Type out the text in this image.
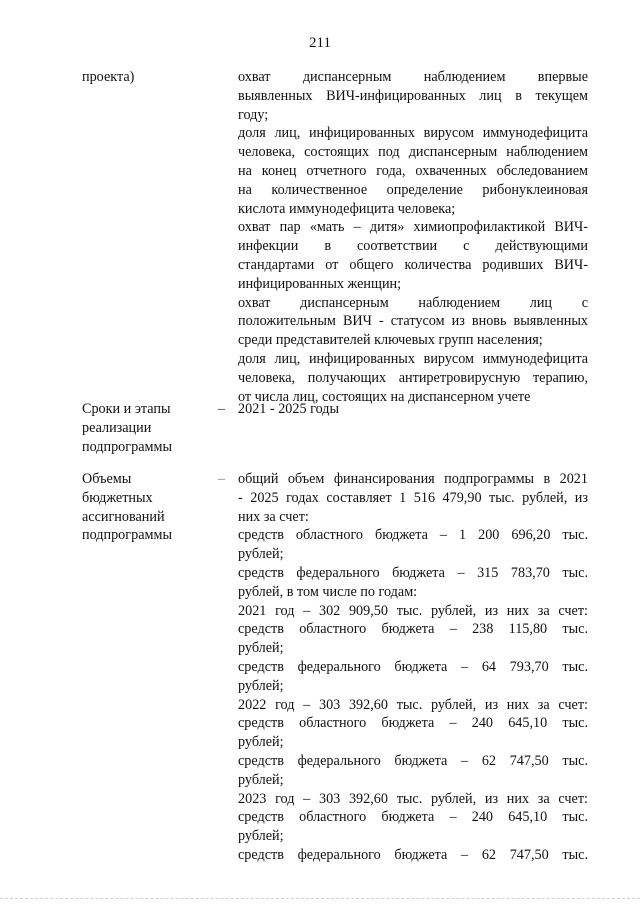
211
проекта)	охват диспансерным наблюдением впервые

выявленных ВИЧ-инфицированных лиц в текущем

году;

доля лиц, инфицированных вирусом иммунодефицита

человека, состоящих под диспансерным наблюдением

на конец отчетного года, охваченных обследованием

на количественное определение рибонуклеиновая

кислота иммунодефицита человека;

охват пар «мать – дитя» химиопрофилактикой ВИЧ-

инфекции в соответствии с действующими

стандартами от общего количества родивших ВИЧ-

инфицированных женщин;

охват диспансерным наблюдением лиц с

положительным ВИЧ - статусом из вновь выявленных

среди представителей ключевых групп населения;

доля лиц, инфицированных вирусом иммунодефицита

человека, получающих антиретровирусную терапию,

от числа лиц, состоящих на диспансерном учете

Сроки и этапы
реализации
подпрограммы
– 2021 - 2025 годы

Объемы
бюджетных
ассигнований
подпрограммы
– общий объем финансирования подпрограммы в 2021

- 2025 годах составляет 1 516 479,90 тыс. рублей, из

них за счет:

средств областного бюджета – 1 200 696,20 тыс.

рублей;

средств федерального бюджета – 315 783,70 тыс.

рублей, в том числе по годам:

2021 год – 302 909,50 тыс. рублей, из них за счет:

средств областного бюджета – 238 115,80 тыс.

рублей;

средств федерального бюджета – 64 793,70 тыс.

рублей;

2022 год – 303 392,60 тыс. рублей, из них за счет:

средств областного бюджета – 240 645,10 тыс.

рублей;

средств федерального бюджета – 62 747,50 тыс.

рублей;

2023 год – 303 392,60 тыс. рублей, из них за счет:

средств областного бюджета – 240 645,10 тыс.

рублей;

средств федерального бюджета – 62 747,50 тыс.
